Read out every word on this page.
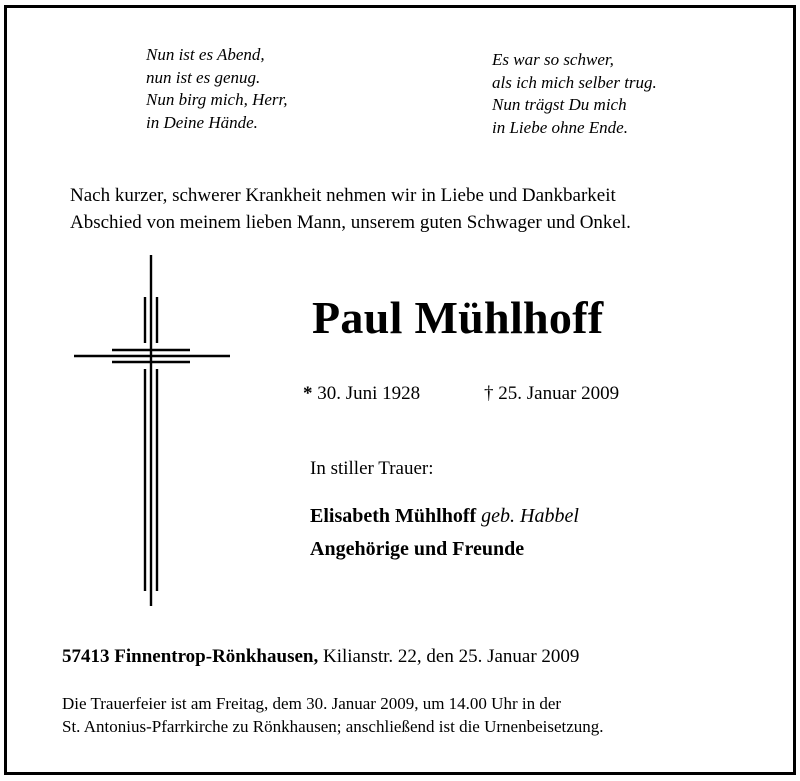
Nun ist es Abend,
nun ist es genug.
Nun birg mich, Herr,
in Deine Hände.
Es war so schwer,
als ich mich selber trug.
Nun trägst Du mich
in Liebe ohne Ende.
Nach kurzer, schwerer Krankheit nehmen wir in Liebe und Dankbarkeit
Abschied von meinem lieben Mann, unserem guten Schwager und Onkel.
Paul Mühlhoff
* 30. Juni 1928	† 25. Januar 2009
In stiller Trauer:
Elisabeth Mühlhoff geb. Habbel
Angehörige und Freunde
57413 Finnentrop-Rönkhausen, Kilianstr. 22, den 25. Januar 2009
Die Trauerfeier ist am Freitag, dem 30. Januar 2009, um 14.00 Uhr in der
St. Antonius-Pfarrkirche zu Rönkhausen; anschließend ist die Urnenbeisetzung.
